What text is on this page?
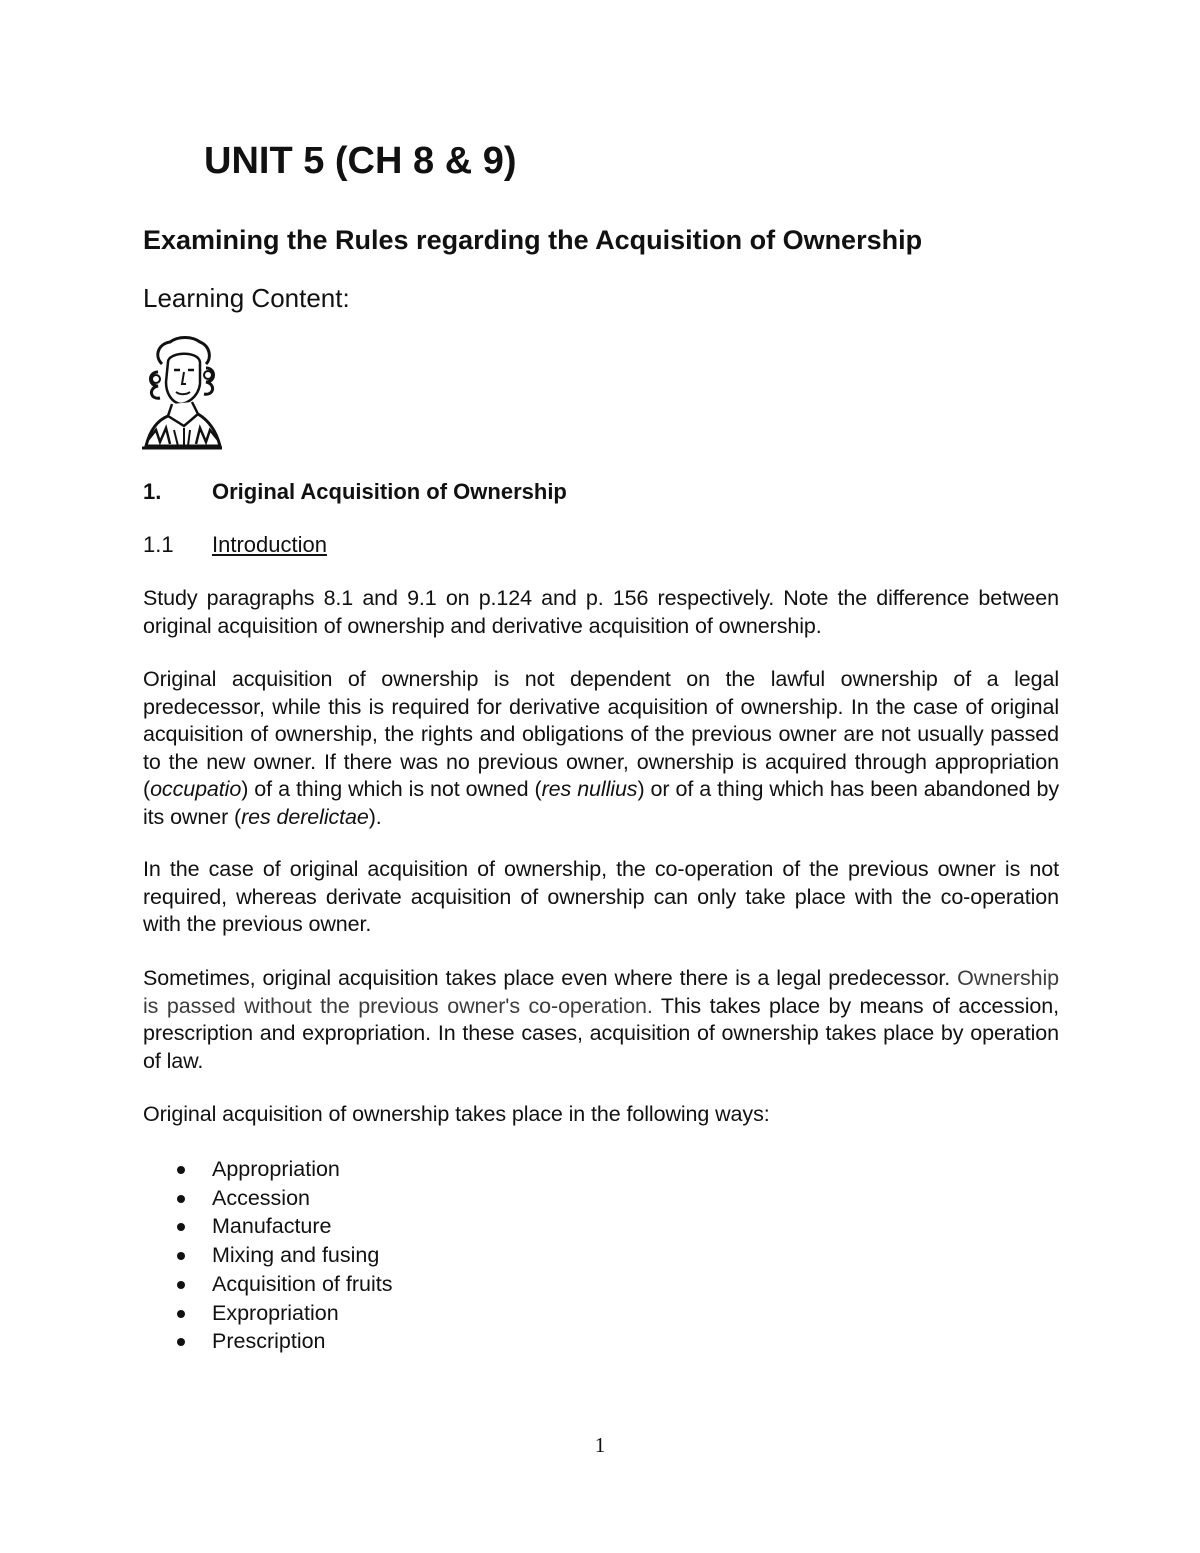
UNIT 5 (CH 8 & 9)
Examining the Rules regarding the Acquisition of Ownership

Learning Content:

1. Original Acquisition of Ownership

1.1 Introduction

Study paragraphs 8.1 and 9.1 on p.124 and p. 156 respectively. Note the difference between original acquisition of ownership and derivative acquisition of ownership.

Original acquisition of ownership is not dependent on the lawful ownership of a legal predecessor, while this is required for derivative acquisition of ownership. In the case of original acquisition of ownership, the rights and obligations of the previous owner are not usually passed to the new owner. If there was no previous owner, ownership is acquired through appropriation (occupatio) of a thing which is not owned (res nullius) or of a thing which has been abandoned by its owner (res derelictae).

In the case of original acquisition of ownership, the co-operation of the previous owner is not required, whereas derivate acquisition of ownership can only take place with the co-operation with the previous owner.

Sometimes, original acquisition takes place even where there is a legal predecessor. Ownership is passed without the previous owner's co-operation. This takes place by means of accession, prescription and expropriation. In these cases, acquisition of ownership takes place by operation of law.

Original acquisition of ownership takes place in the following ways:

Appropriation
Accession
Manufacture
Mixing and fusing
Acquisition of fruits
Expropriation
Prescription

1
